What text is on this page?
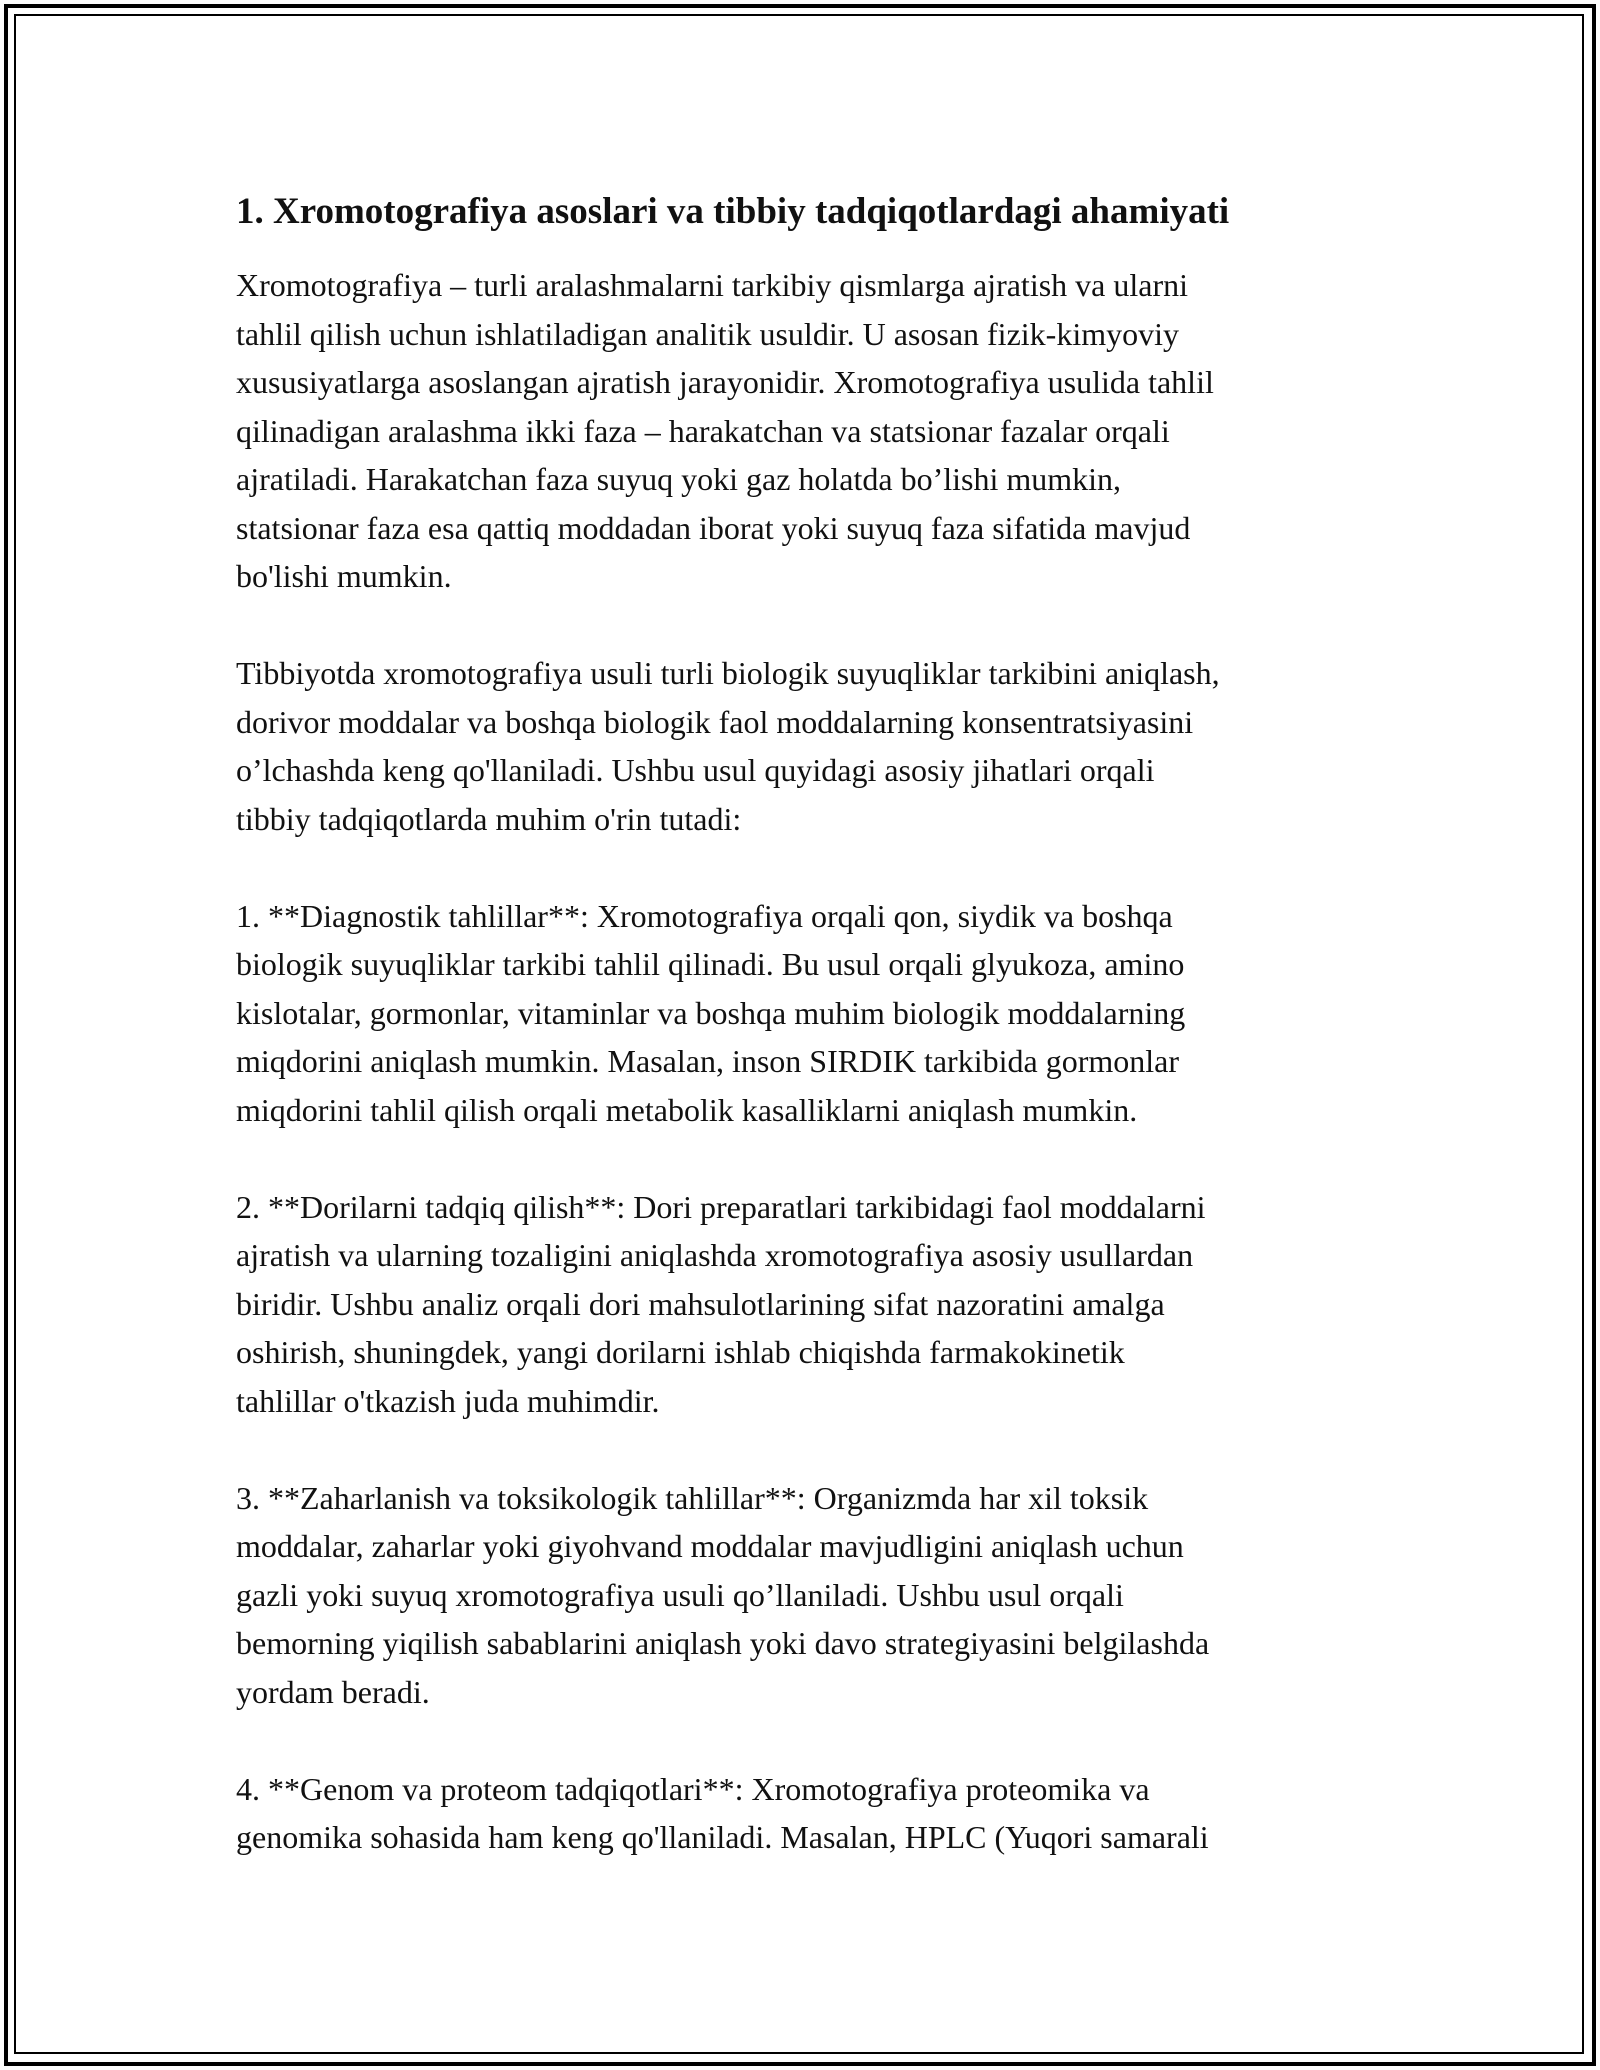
1. Xromotografiya asoslari va tibbiy tadqiqotlardagi ahamiyati

Xromotografiya – turli aralashmalarni tarkibiy qismlarga ajratish va ularni
tahlil qilish uchun ishlatiladigan analitik usuldir. U asosan fizik-kimyoviy
xususiyatlarga asoslangan ajratish jarayonidir. Xromotografiya usulida tahlil
qilinadigan aralashma ikki faza – harakatchan va statsionar fazalar orqali
ajratiladi. Harakatchan faza suyuq yoki gaz holatda bo’lishi mumkin,
statsionar faza esa qattiq moddadan iborat yoki suyuq faza sifatida mavjud
bo'lishi mumkin.

Tibbiyotda xromotografiya usuli turli biologik suyuqliklar tarkibini aniqlash,
dorivor moddalar va boshqa biologik faol moddalarning konsentratsiyasini
o’lchashda keng qo'llaniladi. Ushbu usul quyidagi asosiy jihatlari orqali
tibbiy tadqiqotlarda muhim o'rin tutadi:

1. **Diagnostik tahlillar**: Xromotografiya orqali qon, siydik va boshqa
biologik suyuqliklar tarkibi tahlil qilinadi. Bu usul orqali glyukoza, amino
kislotalar, gormonlar, vitaminlar va boshqa muhim biologik moddalarning
miqdorini aniqlash mumkin. Masalan, inson SIRDIK tarkibida gormonlar
miqdorini tahlil qilish orqali metabolik kasalliklarni aniqlash mumkin.

2. **Dorilarni tadqiq qilish**: Dori preparatlari tarkibidagi faol moddalarni
ajratish va ularning tozaligini aniqlashda xromotografiya asosiy usullardan
biridir. Ushbu analiz orqali dori mahsulotlarining sifat nazoratini amalga
oshirish, shuningdek, yangi dorilarni ishlab chiqishda farmakokinetik
tahlillar o'tkazish juda muhimdir.

3. **Zaharlanish va toksikologik tahlillar**: Organizmda har xil toksik
moddalar, zaharlar yoki giyohvand moddalar mavjudligini aniqlash uchun
gazli yoki suyuq xromotografiya usuli qo’llaniladi. Ushbu usul orqali
bemorning yiqilish sabablarini aniqlash yoki davo strategiyasini belgilashda
yordam beradi.

4. **Genom va proteom tadqiqotlari**: Xromotografiya proteomika va
genomika sohasida ham keng qo'llaniladi. Masalan, HPLC (Yuqori samarali
